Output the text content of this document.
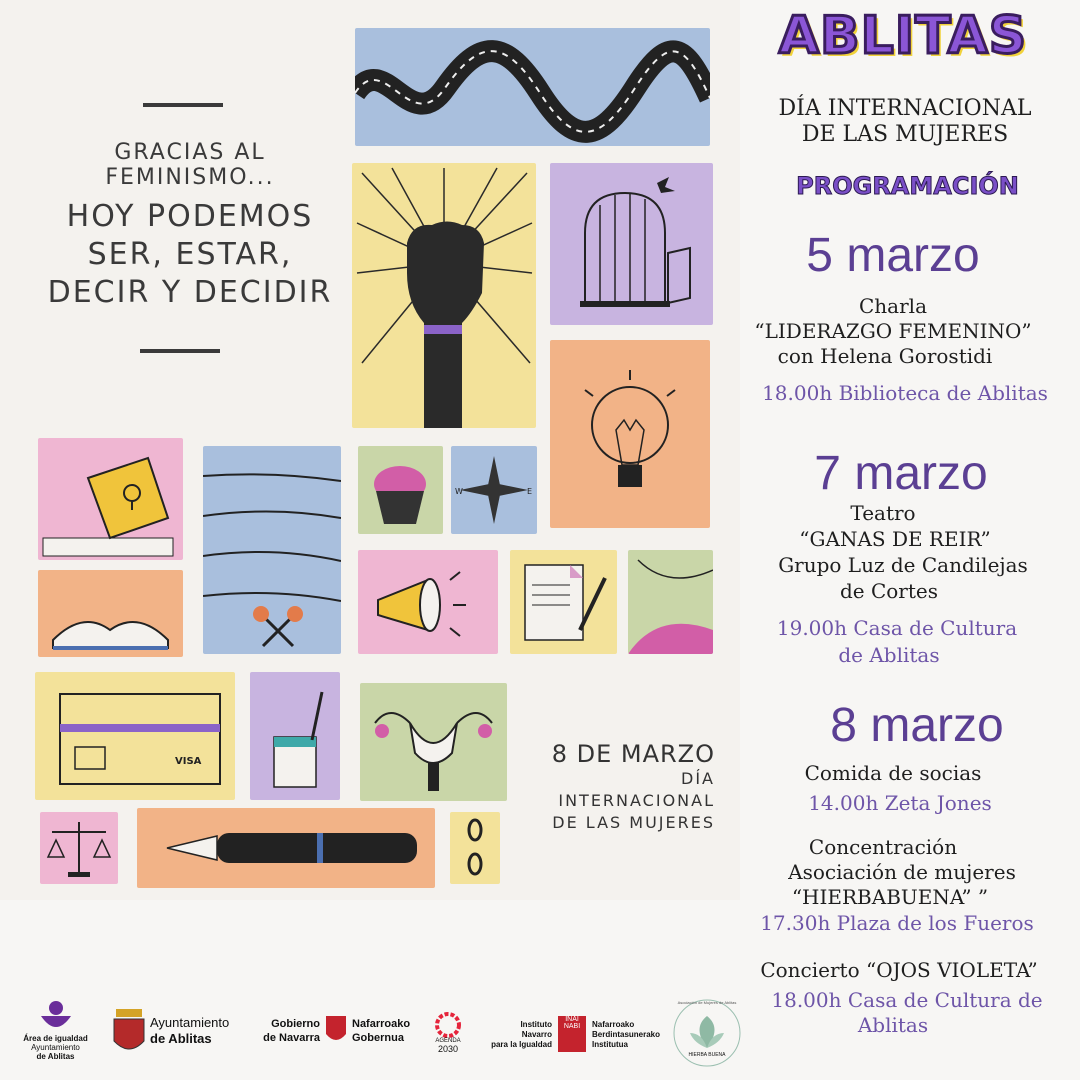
GRACIAS AL FEMINISMO...
HOY PODEMOS
SER, ESTAR,
DECIR Y DECIDIR
W	E
VISA	8 DE MARZO
DÍA INTERNACIONAL
DE LAS MUJERES
ABLITAS
DÍA INTERNACIONAL
DE LAS MUJERES
PROGRAMACIÓN
5 marzo
Charla
“LIDERAZGO FEMENINO”
con Helena Gorostidi
18.00h Biblioteca de Ablitas
7 marzo
Teatro
“GANAS DE REIR”
Grupo Luz de Candilejas
de Cortes
19.00h Casa de Cultura
de Ablitas
8 marzo
Comida de socias
14.00h Zeta Jones
Concentración
Asociación de mujeres
“HIERBABUENA” ”
17.30h Plaza de los Fueros
Concierto “OJOS VIOLETA”
18.00h Casa de Cultura de
Ablitas
Área de igualdad
Ayuntamiento
de Ablitas
Ayuntamiento
de Ablitas
Gobierno
de Navarra
Nafarroako
Gobernua	AGENDA
2030
Instituto
Navarro
para la Igualdad
INAI
NABI	Nafarroako
Berdintasunerako
Institutua
HIERBA BUENA
Asociación de Mujeres de Ablitas
